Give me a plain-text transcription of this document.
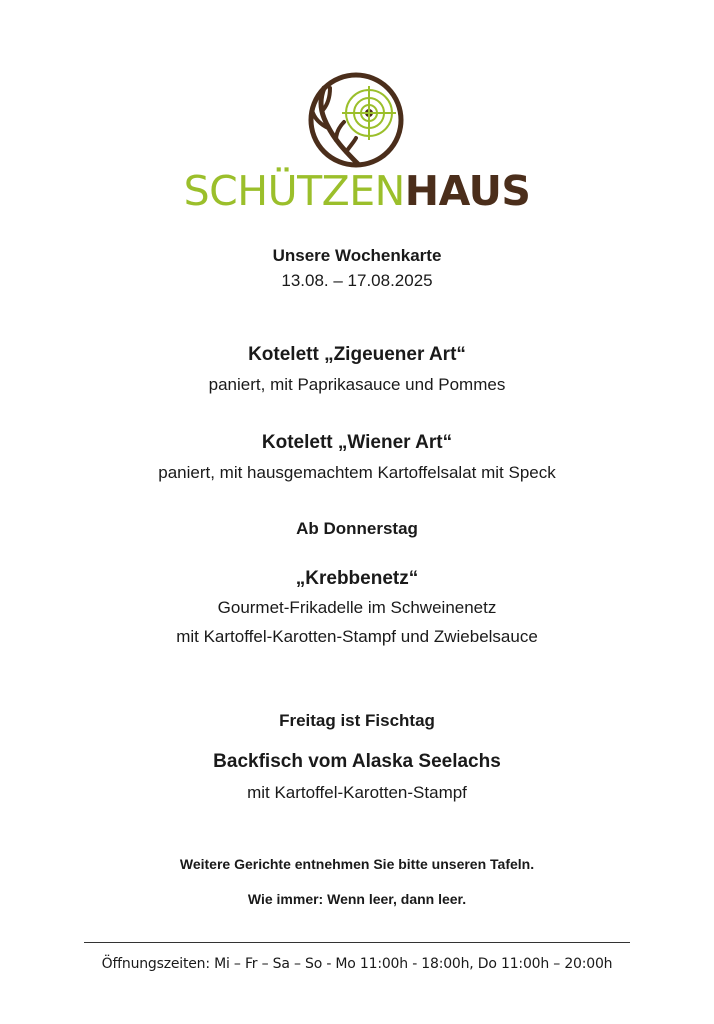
SCHÜTZENHAUS
Unsere Wochenkarte
13.08. – 17.08.2025
Kotelett „Zigeuener Art“
paniert, mit Paprikasauce und Pommes
Kotelett „Wiener Art“
paniert, mit hausgemachtem Kartoffelsalat mit Speck
Ab Donnerstag
„Krebbenetz“
Gourmet-Frikadelle im Schweinenetz
mit Kartoffel-Karotten-Stampf und Zwiebelsauce
Freitag ist Fischtag
Backfisch vom Alaska Seelachs
mit Kartoffel-Karotten-Stampf
Weitere Gerichte entnehmen Sie bitte unseren Tafeln.
Wie immer: Wenn leer, dann leer.
Öffnungszeiten: Mi – Fr – Sa – So - Mo 11:00h - 18:00h, Do 11:00h – 20:00h
